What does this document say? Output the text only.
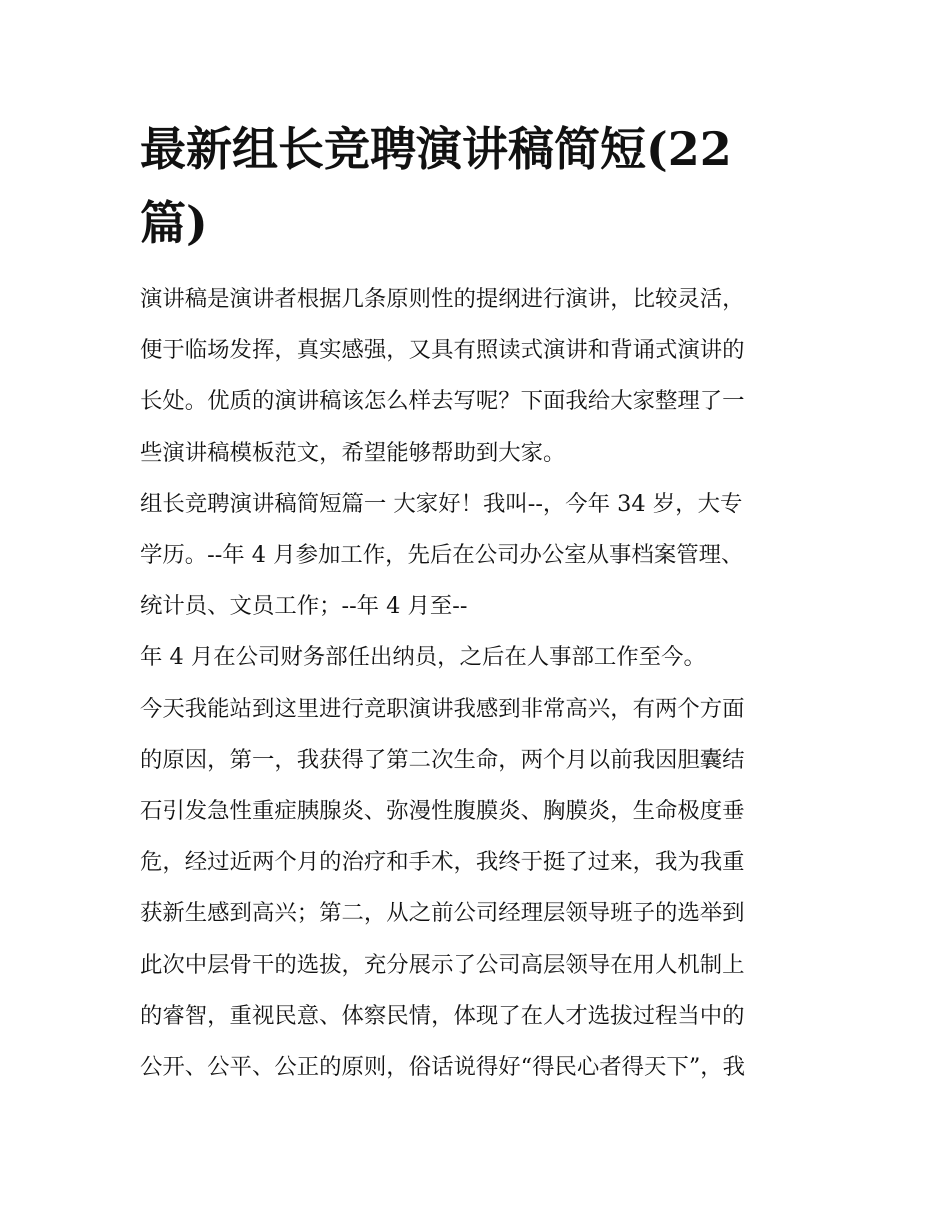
最新组长竞聘演讲稿简短(22
篇)

演讲稿是演讲者根据几条原则性的提纲进行演讲，比较灵活，

便于临场发挥，真实感强，又具有照读式演讲和背诵式演讲的

长处。优质的演讲稿该怎么样去写呢？下面我给大家整理了一

些演讲稿模板范文，希望能够帮助到大家。

组长竞聘演讲稿简短篇一 大家好！我叫--，今年 34 岁，大专

学历。--年 4 月参加工作，先后在公司办公室从事档案管理、

统计员、文员工作；--年 4 月至--

年 4 月在公司财务部任出纳员，之后在人事部工作至今。

今天我能站到这里进行竞职演讲我感到非常高兴，有两个方面

的原因，第一，我获得了第二次生命，两个月以前我因胆囊结

石引发急性重症胰腺炎、弥漫性腹膜炎、胸膜炎，生命极度垂

危，经过近两个月的治疗和手术，我终于挺了过来，我为我重

获新生感到高兴；第二，从之前公司经理层领导班子的选举到

此次中层骨干的选拔，充分展示了公司高层领导在用人机制上

的睿智，重视民意、体察民情，体现了在人才选拔过程当中的

公开、公平、公正的原则，俗话说得好“得民心者得天下”，我
